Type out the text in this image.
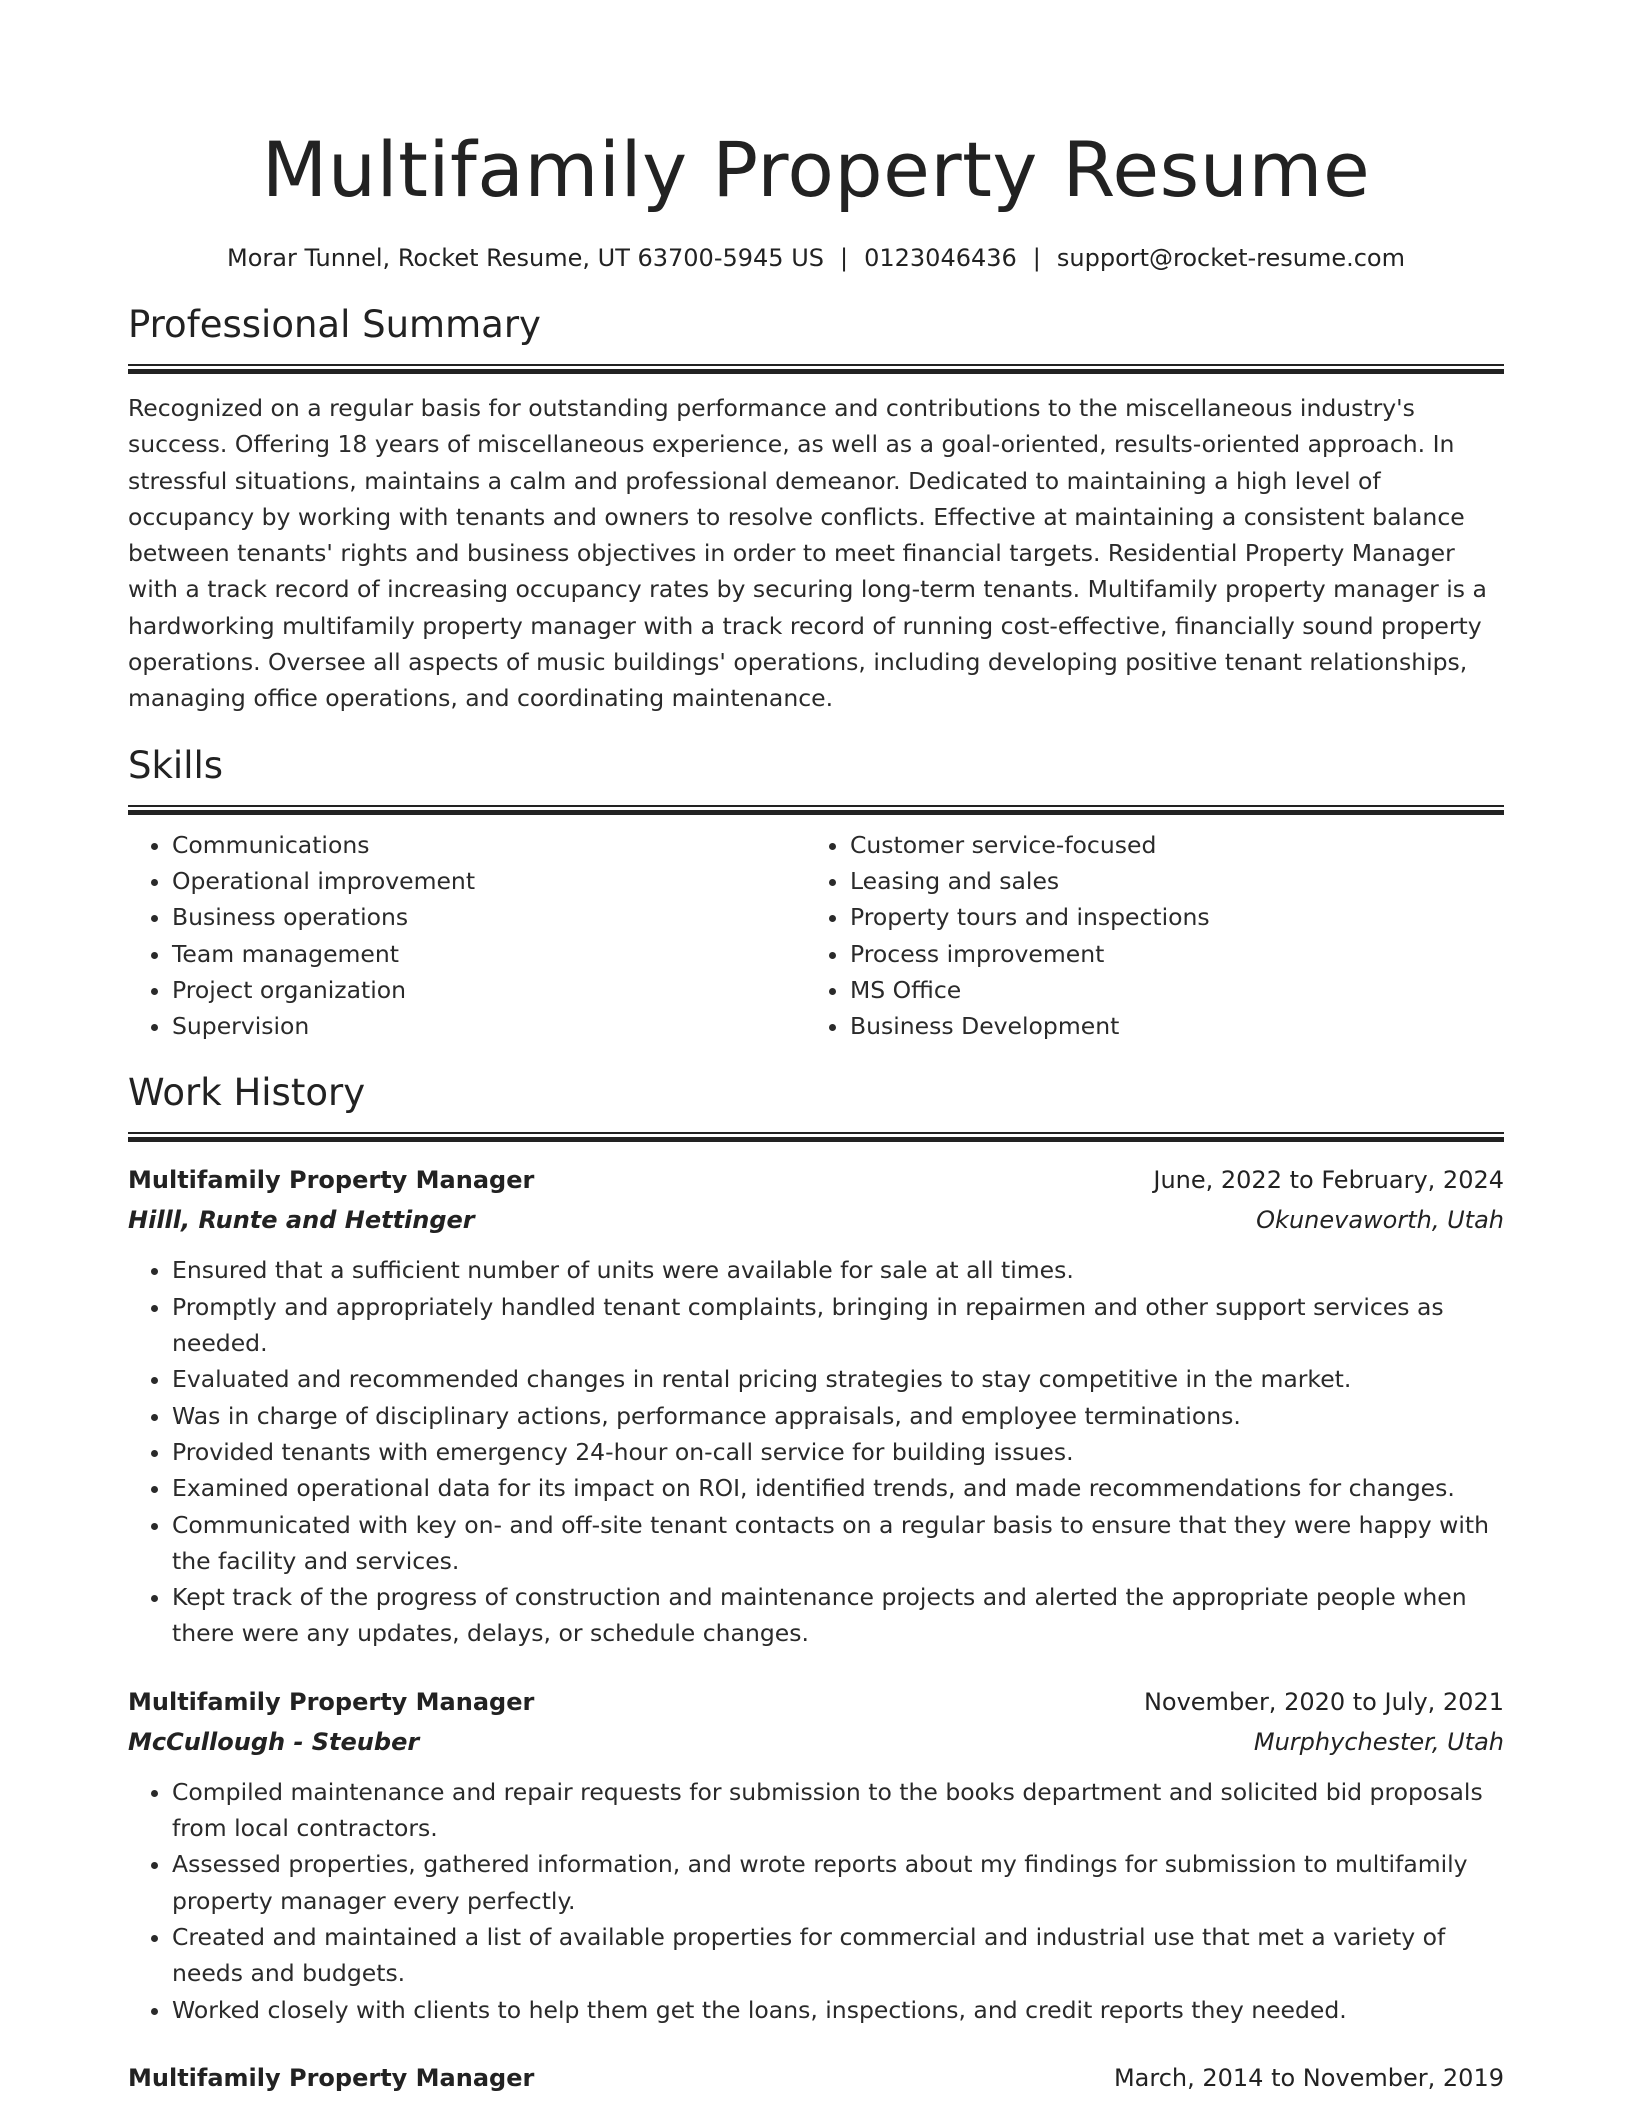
Multifamily Property Resume
Morar Tunnel, Rocket Resume, UT 63700-5945 US | 0123046436 | support@rocket-resume.com
Professional Summary

Recognized on a regular basis for outstanding performance and contributions to the miscellaneous industry's success. Offering 18 years of miscellaneous experience, as well as a goal-oriented, results-oriented approach. In stressful situations, maintains a calm and professional demeanor. Dedicated to maintaining a high level of occupancy by working with tenants and owners to resolve conflicts. Effective at maintaining a consistent balance between tenants' rights and business objectives in order to meet financial targets. Residential Property Manager with a track record of increasing occupancy rates by securing long-term tenants. Multifamily property manager is a hardworking multifamily property manager with a track record of running cost-effective, financially sound property operations. Oversee all aspects of music buildings' operations, including developing positive tenant relationships, managing office operations, and coordinating maintenance.

Skills
• Communications
• Operational improvement
• Business operations
• Team management
• Project organization
• Supervision
• Customer service-focused
• Leasing and sales
• Property tours and inspections
• Process improvement
• MS Office
• Business Development
Work History
Multifamily Property Manager	June, 2022 to February, 2024
Hilll, Runte and Hettinger	Okunevaworth, Utah
• Ensured that a sufficient number of units were available for sale at all times.
• Promptly and appropriately handled tenant complaints, bringing in repairmen and other support services as needed.
• Evaluated and recommended changes in rental pricing strategies to stay competitive in the market.
• Was in charge of disciplinary actions, performance appraisals, and employee terminations.
• Provided tenants with emergency 24-hour on-call service for building issues.
• Examined operational data for its impact on ROI, identified trends, and made recommendations for changes.
• Communicated with key on- and off-site tenant contacts on a regular basis to ensure that they were happy with the facility and services.
• Kept track of the progress of construction and maintenance projects and alerted the appropriate people when there were any updates, delays, or schedule changes.
Multifamily Property Manager	November, 2020 to July, 2021
McCullough - Steuber	Murphychester, Utah
• Compiled maintenance and repair requests for submission to the books department and solicited bid proposals from local contractors.
• Assessed properties, gathered information, and wrote reports about my findings for submission to multifamily property manager every perfectly.
• Created and maintained a list of available properties for commercial and industrial use that met a variety of needs and budgets.
• Worked closely with clients to help them get the loans, inspections, and credit reports they needed.
Multifamily Property Manager	March, 2014 to November, 2019
